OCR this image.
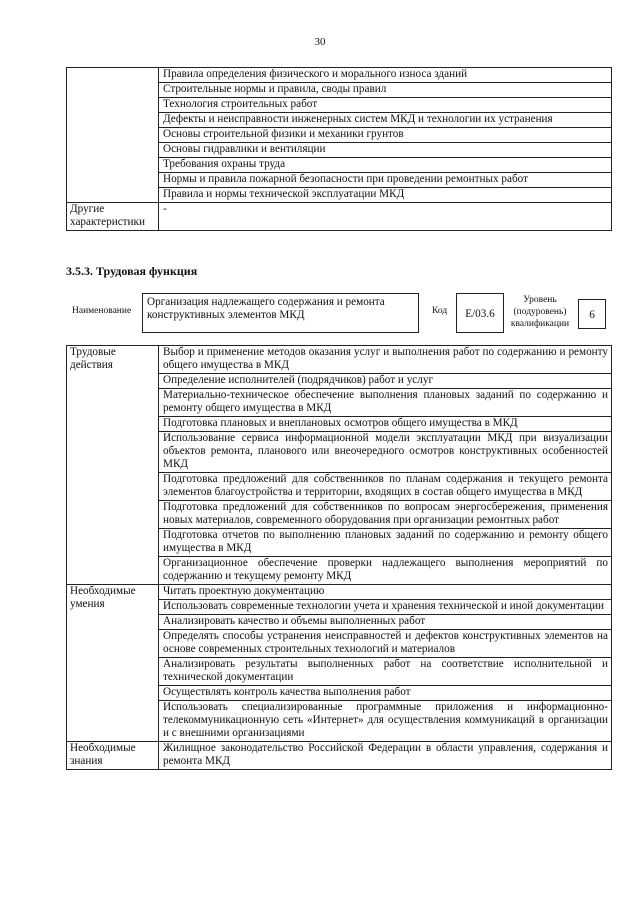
30
	Правила определения физического и морального износа зданий
	Строительные нормы и правила, своды правил
	Технология строительных работ
	Дефекты и неисправности инженерных систем МКД и технологии их устранения
	Основы строительной физики и механики грунтов
	Основы гидравлики и вентиляции
	Требования охраны труда
	Нормы и правила пожарной безопасности при проведении ремонтных работ
	Правила и нормы технической эксплуатации МКД
Другие характеристики	-
3.5.3. Трудовая функция
Наименование
Организация надлежащего содержания и ремонта конструктивных элементов МКД	Код	E/03.6
Уровень (подуровень) квалификации
6
Трудовые действия	Выбор и применение методов оказания услуг и выполнения работ по содержанию и ремонту общего имущества в МКД
	Определение исполнителей (подрядчиков) работ и услуг
	Материально-техническое обеспечение выполнения плановых заданий по содержанию и ремонту общего имущества в МКД
	Подготовка плановых и внеплановых осмотров общего имущества в МКД
	Использование сервиса информационной модели эксплуатации МКД при визуализации объектов ремонта, планового или внеочередного осмотров конструктивных особенностей МКД
	Подготовка предложений для собственников по планам содержания и текущего ремонта элементов благоустройства и территории, входящих в состав общего имущества в МКД
	Подготовка предложений для собственников по вопросам энергосбережения, применения новых материалов, современного оборудования при организации ремонтных работ
	Подготовка отчетов по выполнению плановых заданий по содержанию и ремонту общего имущества в МКД
	Организационное обеспечение проверки надлежащего выполнения мероприятий по содержанию и текущему ремонту МКД
Необходимые умения	Читать проектную документацию
	Использовать современные технологии учета и хранения технической и иной документации
	Анализировать качество и объемы выполненных работ
	Определять способы устранения неисправностей и дефектов конструктивных элементов на основе современных строительных технологий и материалов
	Анализировать результаты выполненных работ на соответствие исполнительной и технической документации
	Осуществлять контроль качества выполнения работ
	Использовать специализированные программные приложения и информационно-телекоммуникационную сеть «Интернет» для осуществления коммуникаций в организации и с внешними организациями
Необходимые знания	Жилищное законодательство Российской Федерации в области управления, содержания и ремонта МКД
